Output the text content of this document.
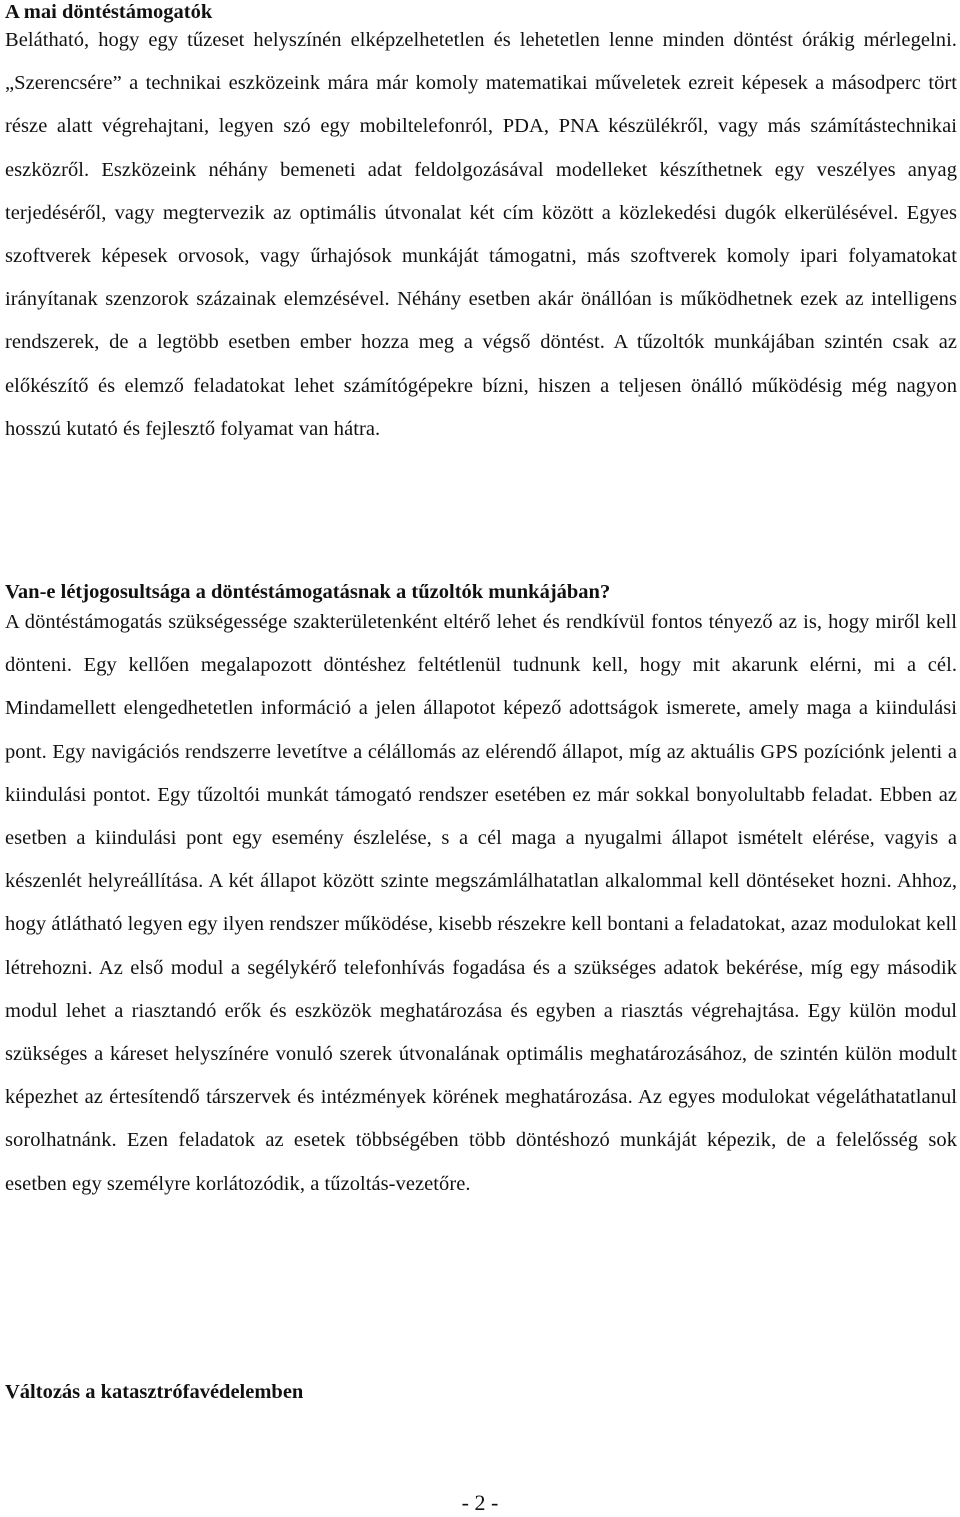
A mai döntéstámogatók

Belátható, hogy egy tűzeset helyszínén elképzelhetetlen és lehetetlen lenne minden döntést órákig mérlegelni. „Szerencsére” a technikai eszközeink mára már komoly matematikai műveletek ezreit képesek a másodperc tört része alatt végrehajtani, legyen szó egy mobiltelefonról, PDA, PNA készülékről, vagy más számítástechnikai eszközről. Eszközeink néhány bemeneti adat feldolgozásával modelleket készíthetnek egy veszélyes anyag terjedéséről, vagy megtervezik az optimális útvonalat két cím között a közlekedési dugók elkerülésével. Egyes szoftverek képesek orvosok, vagy űrhajósok munkáját támogatni, más szoftverek komoly ipari folyamatokat irányítanak szenzorok százainak elemzésével. Néhány esetben akár önállóan is működhetnek ezek az intelligens rendszerek, de a legtöbb esetben ember hozza meg a végső döntést. A tűzoltók munkájában szintén csak az előkészítő és elemző feladatokat lehet számítógépekre bízni, hiszen a teljesen önálló működésig még nagyon hosszú kutató és fejlesztő folyamat van hátra.

Van-e létjogosultsága a döntéstámogatásnak a tűzoltók munkájában?

A döntéstámogatás szükségessége szakterületenként eltérő lehet és rendkívül fontos tényező az is, hogy miről kell dönteni. Egy kellően megalapozott döntéshez feltétlenül tudnunk kell, hogy mit akarunk elérni, mi a cél. Mindamellett elengedhetetlen információ a jelen állapotot képező adottságok ismerete, amely maga a kiindulási pont. Egy navigációs rendszerre levetítve a célállomás az elérendő állapot, míg az aktuális GPS pozíciónk jelenti a kiindulási pontot. Egy tűzoltói munkát támogató rendszer esetében ez már sokkal bonyolultabb feladat. Ebben az esetben a kiindulási pont egy esemény észlelése, s a cél maga a nyugalmi állapot ismételt elérése, vagyis a készenlét helyreállítása. A két állapot között szinte megszámlálhatatlan alkalommal kell döntéseket hozni. Ahhoz, hogy átlátható legyen egy ilyen rendszer működése, kisebb részekre kell bontani a feladatokat, azaz modulokat kell létrehozni. Az első modul a segélykérő telefonhívás fogadása és a szükséges adatok bekérése, míg egy második modul lehet a riasztandó erők és eszközök meghatározása és egyben a riasztás végrehajtása. Egy külön modul szükséges a káreset helyszínére vonuló szerek útvonalának optimális meghatározásához, de szintén külön modult képezhet az értesítendő társzervek és intézmények körének meghatározása. Az egyes modulokat végeláthatatlanul sorolhatnánk. Ezen feladatok az esetek többségében több döntéshozó munkáját képezik, de a felelősség sok esetben egy személyre korlátozódik, a tűzoltás-vezetőre.

Változás a katasztrófavédelemben
- 2 -
